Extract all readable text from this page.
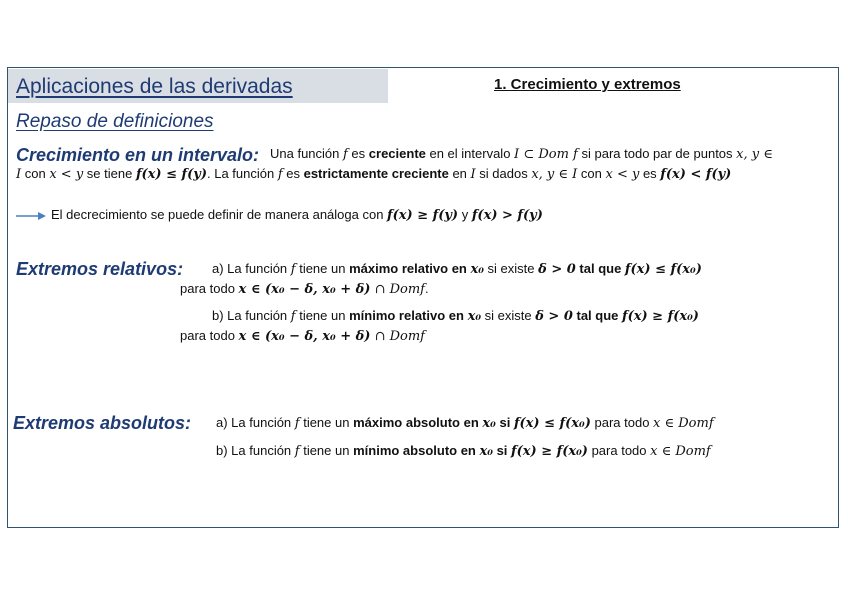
Aplicaciones de las derivadas	1. Crecimiento y extremos
Repaso de definiciones
Crecimiento en un intervalo: Una función f es creciente en el intervalo I ⊂ Dom f si para todo par de puntos x, y ∈
I con x < y se tiene f(x) ≤ f(y). La función f es estrictamente creciente en I si dados x, y ∈ I con x < y es f(x) < f(y)
El decrecimiento se puede definir de manera análoga con f(x) ≥ f(y) y f(x) > f(y)
Extremos relativos: a) La función f tiene un máximo relativo en x₀ si existe δ > 0 tal que f(x) ≤ f(x₀)
para todo x ∈ (x₀ − δ, x₀ + δ) ∩ Domf.
b) La función f tiene un mínimo relativo en x₀ si existe δ > 0 tal que f(x) ≥ f(x₀)
para todo x ∈ (x₀ − δ, x₀ + δ) ∩ Domf
Extremos absolutos: a) La función f tiene un máximo absoluto en x₀ si f(x) ≤ f(x₀) para todo x ∈ Domf
b) La función f tiene un mínimo absoluto en x₀ si f(x) ≥ f(x₀) para todo x ∈ Domf
